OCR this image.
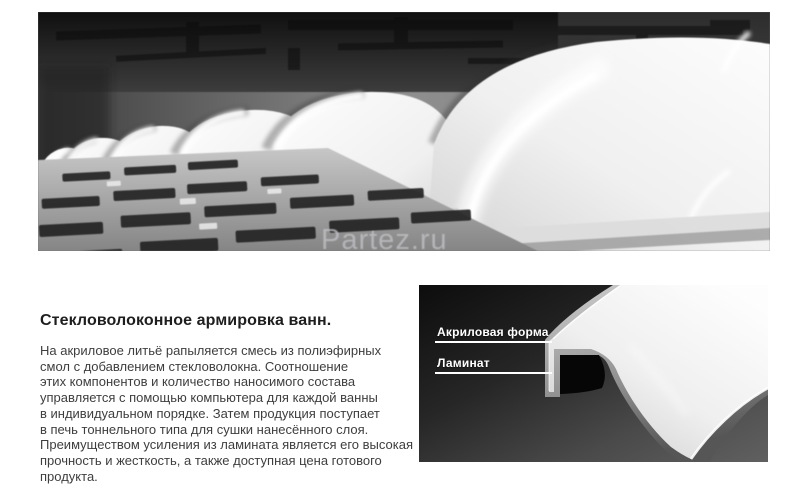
Partez.ru
Стекловолоконное армировка ванн.
На акриловое литьё рапыляется смесь из полиэфирных
смол с добавлением стекловолокна. Соотношение
этих компонентов и количество наносимого состава
управляется с помощью компьютера для каждой ванны
в индивидуальном порядке. Затем продукция поступает
в печь тоннельного типа для сушки нанесённого слоя.
Преимуществом усиления из ламината является его высокая
прочность и жесткость, а также доступная цена готового
продукта.
Акриловая форма
Ламинат
